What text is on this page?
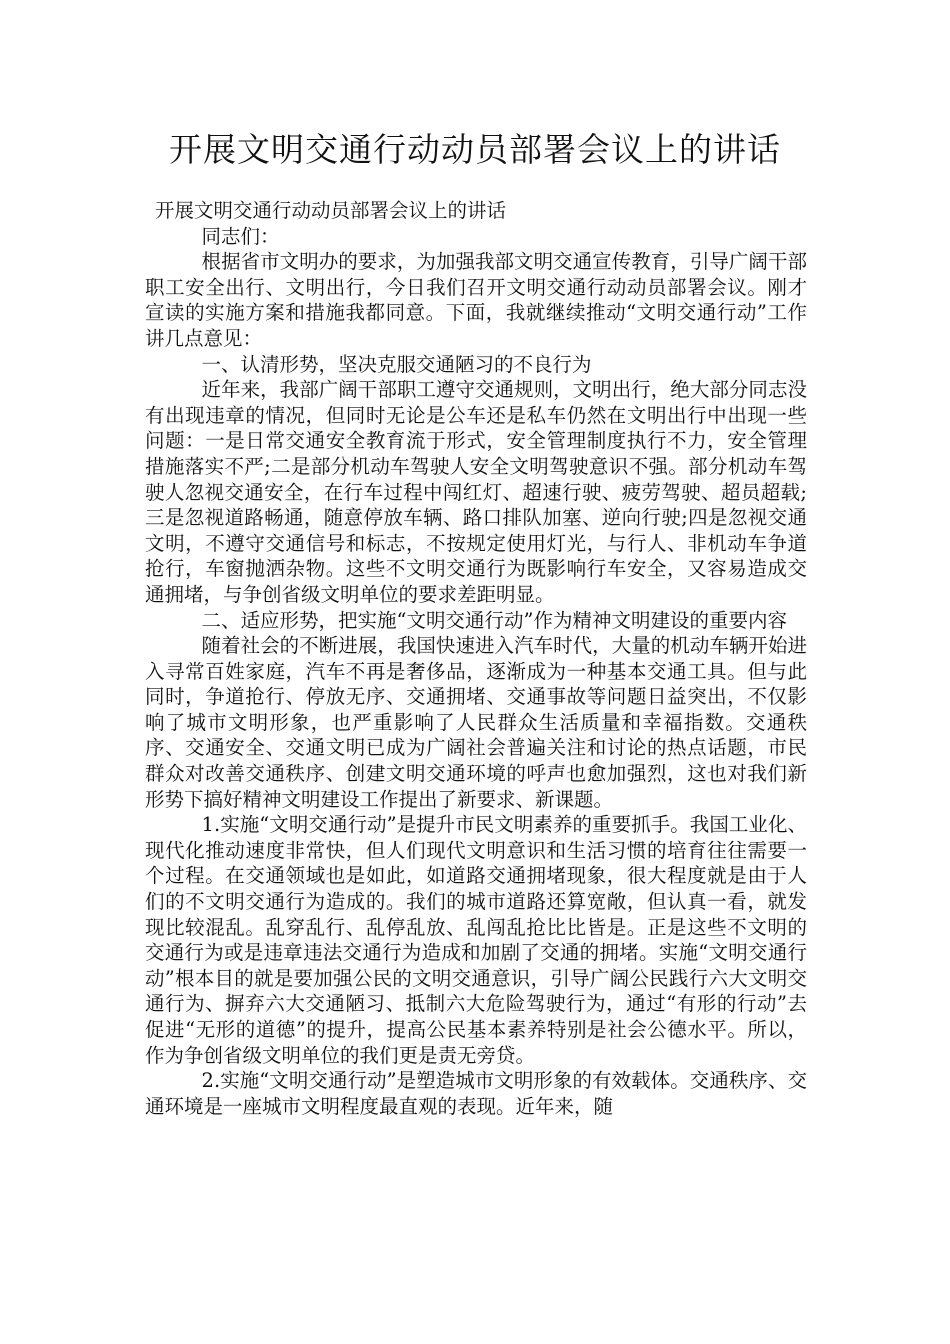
开展文明交通行动动员部署会议上的讲话

开展文明交通行动动员部署会议上的讲话

同志们：

根据省市文明办的要求，为加强我部文明交通宣传教育，引导广阔干部职工安全出行、文明出行，今日我们召开文明交通行动动员部署会议。刚才宣读的实施方案和措施我都同意。下面，我就继续推动“文明交通行动”工作讲几点意见：

一、认清形势，坚决克服交通陋习的不良行为

近年来，我部广阔干部职工遵守交通规则，文明出行，绝大部分同志没有出现违章的情况，但同时无论是公车还是私车仍然在文明出行中出现一些问题：一是日常交通安全教育流于形式，安全管理制度执行不力，安全管理措施落实不严;二是部分机动车驾驶人安全文明驾驶意识不强。部分机动车驾驶人忽视交通安全，在行车过程中闯红灯、超速行驶、疲劳驾驶、超员超载;三是忽视道路畅通，随意停放车辆、路口排队加塞、逆向行驶;四是忽视交通文明，不遵守交通信号和标志，不按规定使用灯光，与行人、非机动车争道抢行，车窗抛洒杂物。这些不文明交通行为既影响行车安全，又容易造成交通拥堵，与争创省级文明单位的要求差距明显。

二、适应形势，把实施“文明交通行动”作为精神文明建设的重要内容

随着社会的不断进展，我国快速进入汽车时代，大量的机动车辆开始进入寻常百姓家庭，汽车不再是奢侈品，逐渐成为一种基本交通工具。但与此同时，争道抢行、停放无序、交通拥堵、交通事故等问题日益突出，不仅影响了城市文明形象，也严重影响了人民群众生活质量和幸福指数。交通秩序、交通安全、交通文明已成为广阔社会普遍关注和讨论的热点话题，市民群众对改善交通秩序、创建文明交通环境的呼声也愈加强烈，这也对我们新形势下搞好精神文明建设工作提出了新要求、新课题。

1.实施“文明交通行动”是提升市民文明素养的重要抓手。我国工业化、现代化推动速度非常快，但人们现代文明意识和生活习惯的培育往往需要一个过程。在交通领域也是如此，如道路交通拥堵现象，很大程度就是由于人们的不文明交通行为造成的。我们的城市道路还算宽敞，但认真一看，就发现比较混乱。乱穿乱行、乱停乱放、乱闯乱抢比比皆是。正是这些不文明的交通行为或是违章违法交通行为造成和加剧了交通的拥堵。实施“文明交通行动”根本目的就是要加强公民的文明交通意识，引导广阔公民践行六大文明交通行为、摒弃六大交通陋习、抵制六大危险驾驶行为，通过“有形的行动”去促进“无形的道德”的提升，提高公民基本素养特别是社会公德水平。所以，作为争创省级文明单位的我们更是责无旁贷。

2.实施“文明交通行动”是塑造城市文明形象的有效载体。交通秩序、交通环境是一座城市文明程度最直观的表现。近年来，随
